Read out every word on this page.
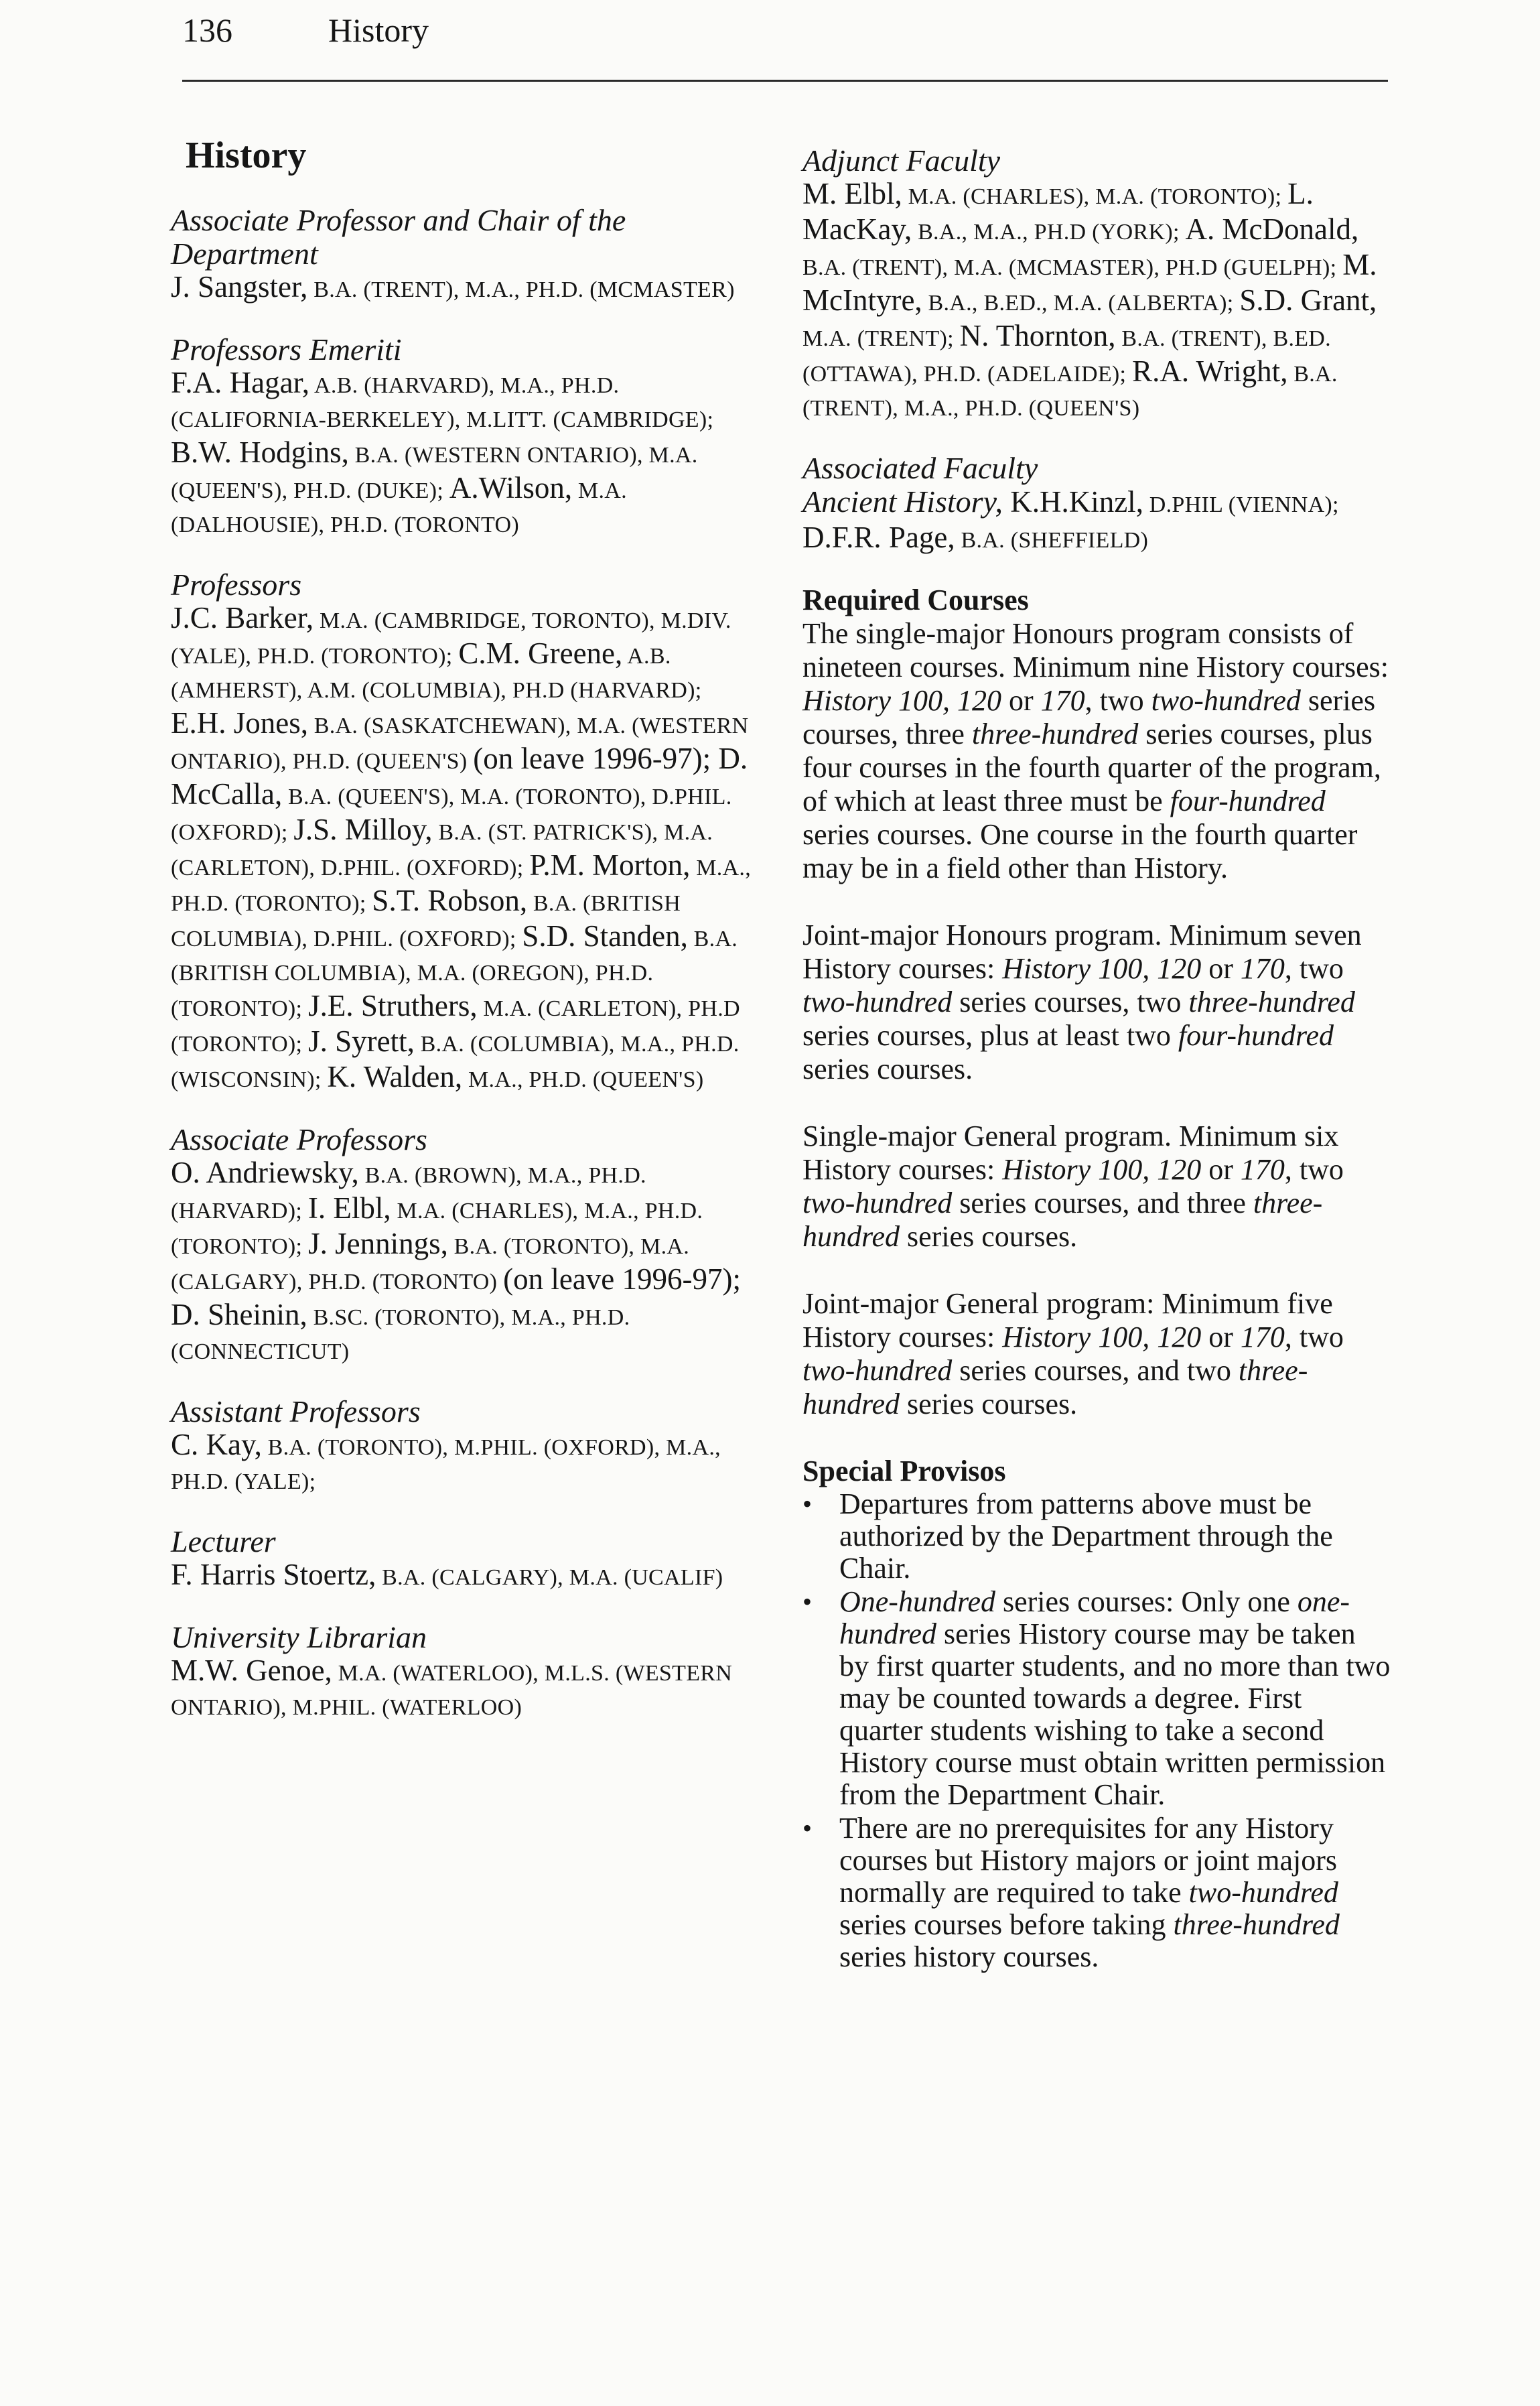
136	History
History
Associate Professor and Chair of the Department
J. Sangster, B.A. (TRENT), M.A., PH.D. (MCMASTER)
Professors Emeriti
F.A. Hagar, A.B. (HARVARD), M.A., PH.D. (CALIFORNIA-BERKELEY), M.LITT. (CAMBRIDGE); B.W. Hodgins, B.A. (WESTERN ONTARIO), M.A. (QUEEN'S), PH.D. (DUKE); A.Wilson, M.A. (DALHOUSIE), PH.D. (TORONTO)
Professors
J.C. Barker, M.A. (CAMBRIDGE, TORONTO), M.DIV. (YALE), PH.D. (TORONTO); C.M. Greene, A.B. (AMHERST), A.M. (COLUMBIA), PH.D (HARVARD); E.H. Jones, B.A. (SASKATCHEWAN), M.A. (WESTERN ONTARIO), PH.D. (QUEEN'S) (on leave 1996-97); D. McCalla, B.A. (QUEEN'S), M.A. (TORONTO), D.PHIL. (OXFORD); J.S. Milloy, B.A. (ST. PATRICK'S), M.A. (CARLETON), D.PHIL. (OXFORD); P.M. Morton, M.A., PH.D. (TORONTO); S.T. Robson, B.A. (BRITISH COLUMBIA), D.PHIL. (OXFORD); S.D. Standen, B.A. (BRITISH COLUMBIA), M.A. (OREGON), PH.D. (TORONTO); J.E. Struthers, M.A. (CARLETON), PH.D (TORONTO); J. Syrett, B.A. (COLUMBIA), M.A., PH.D. (WISCONSIN); K. Walden, M.A., PH.D. (QUEEN'S)
Associate Professors
O. Andriewsky, B.A. (BROWN), M.A., PH.D. (HARVARD); I. Elbl, M.A. (CHARLES), M.A., PH.D. (TORONTO); J. Jennings, B.A. (TORONTO), M.A. (CALGARY), PH.D. (TORONTO) (on leave 1996-97); D. Sheinin, B.SC. (TORONTO), M.A., PH.D. (CONNECTICUT)
Assistant Professors
C. Kay, B.A. (TORONTO), M.PHIL. (OXFORD), M.A., PH.D. (YALE);
Lecturer
F. Harris Stoertz, B.A. (CALGARY), M.A. (UCALIF)
University Librarian
M.W. Genoe, M.A. (WATERLOO), M.L.S. (WESTERN ONTARIO), M.PHIL. (WATERLOO)
Adjunct Faculty
M. Elbl, M.A. (CHARLES), M.A. (TORONTO); L. MacKay, B.A., M.A., PH.D (YORK); A. McDonald, B.A. (TRENT), M.A. (MCMASTER), PH.D (GUELPH); M. McIntyre, B.A., B.ED., M.A. (ALBERTA); S.D. Grant, M.A. (TRENT); N. Thornton, B.A. (TRENT), B.ED. (OTTAWA), PH.D. (ADELAIDE); R.A. Wright, B.A. (TRENT), M.A., PH.D. (QUEEN'S)
Associated Faculty
Ancient History, K.H.Kinzl, D.PHIL (VIENNA); D.F.R. Page, B.A. (SHEFFIELD)
Required Courses
The single-major Honours program consists of nineteen courses. Minimum nine History courses: History 100, 120 or 170, two two-hundred series courses, three three-hundred series courses, plus four courses in the fourth quarter of the program, of which at least three must be four-hundred series courses. One course in the fourth quarter may be in a field other than History.
Joint-major Honours program. Minimum seven History courses: History 100, 120 or 170, two two-hundred series courses, two three-hundred series courses, plus at least two four-hundred series courses.
Single-major General program. Minimum six History courses: History 100, 120 or 170, two two-hundred series courses, and three three-hundred series courses.
Joint-major General program: Minimum five History courses: History 100, 120 or 170, two two-hundred series courses, and two three-hundred series courses.
Special Provisos
• Departures from patterns above must be authorized by the Department through the Chair.
• One-hundred series courses: Only one one-hundred series History course may be taken by first quarter students, and no more than two may be counted towards a degree. First quarter students wishing to take a second History course must obtain written permission from the Department Chair.
• There are no prerequisites for any History courses but History majors or joint majors normally are required to take two-hundred series courses before taking three-hundred series history courses.
